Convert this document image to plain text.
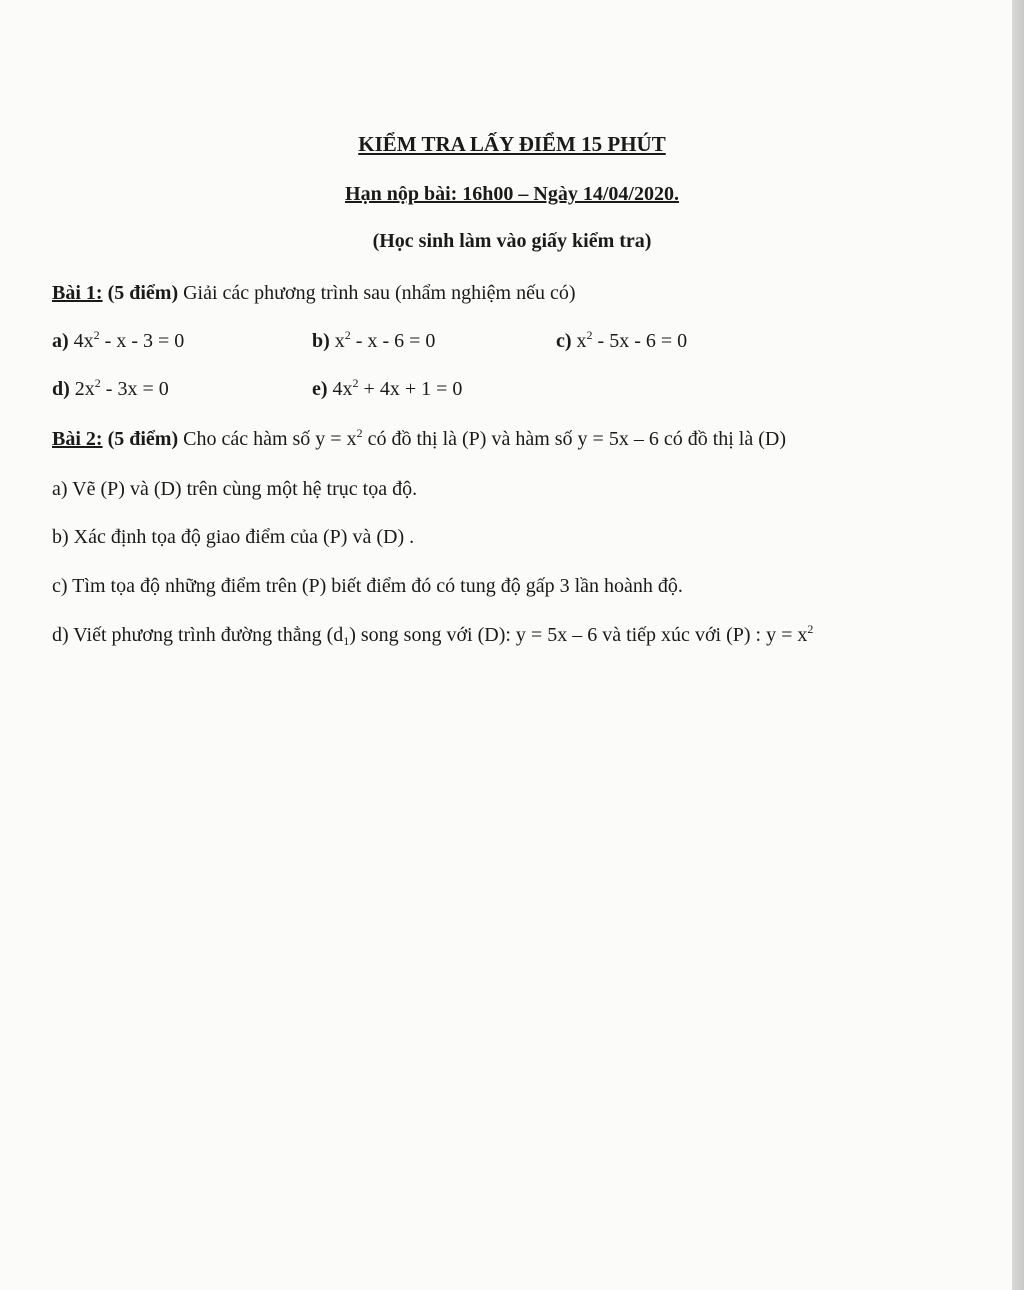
KIỂM TRA LẤY ĐIỂM 15 PHÚT
Hạn nộp bài: 16h00 – Ngày 14/04/2020.
(Học sinh làm vào giấy kiểm tra)
Bài 1: (5 điểm) Giải các phương trình sau (nhẩm nghiệm nếu có)
a) $4x^2 - x - 3 = 0$	b) $x^2 - x - 6 = 0$	c) $x^2 - 5x - 6 = 0$
d) $2x^2 - 3x = 0$	e) $4x^2 + 4x + 1 = 0$
Bài 2: (5 điểm) Cho các hàm số $y = x^2$ có đồ thị là (P) và hàm số y = 5x – 6 có đồ thị là (D)
a) Vẽ (P) và (D) trên cùng một hệ trục tọa độ.
b) Xác định tọa độ giao điểm của (P) và (D) .
c) Tìm tọa độ những điểm trên (P) biết điểm đó có tung độ gấp 3 lần hoành độ.
d) Viết phương trình đường thẳng $(d_1)$ song song với (D): y = 5x – 6 và tiếp xúc với (P) : $y = x^2$
